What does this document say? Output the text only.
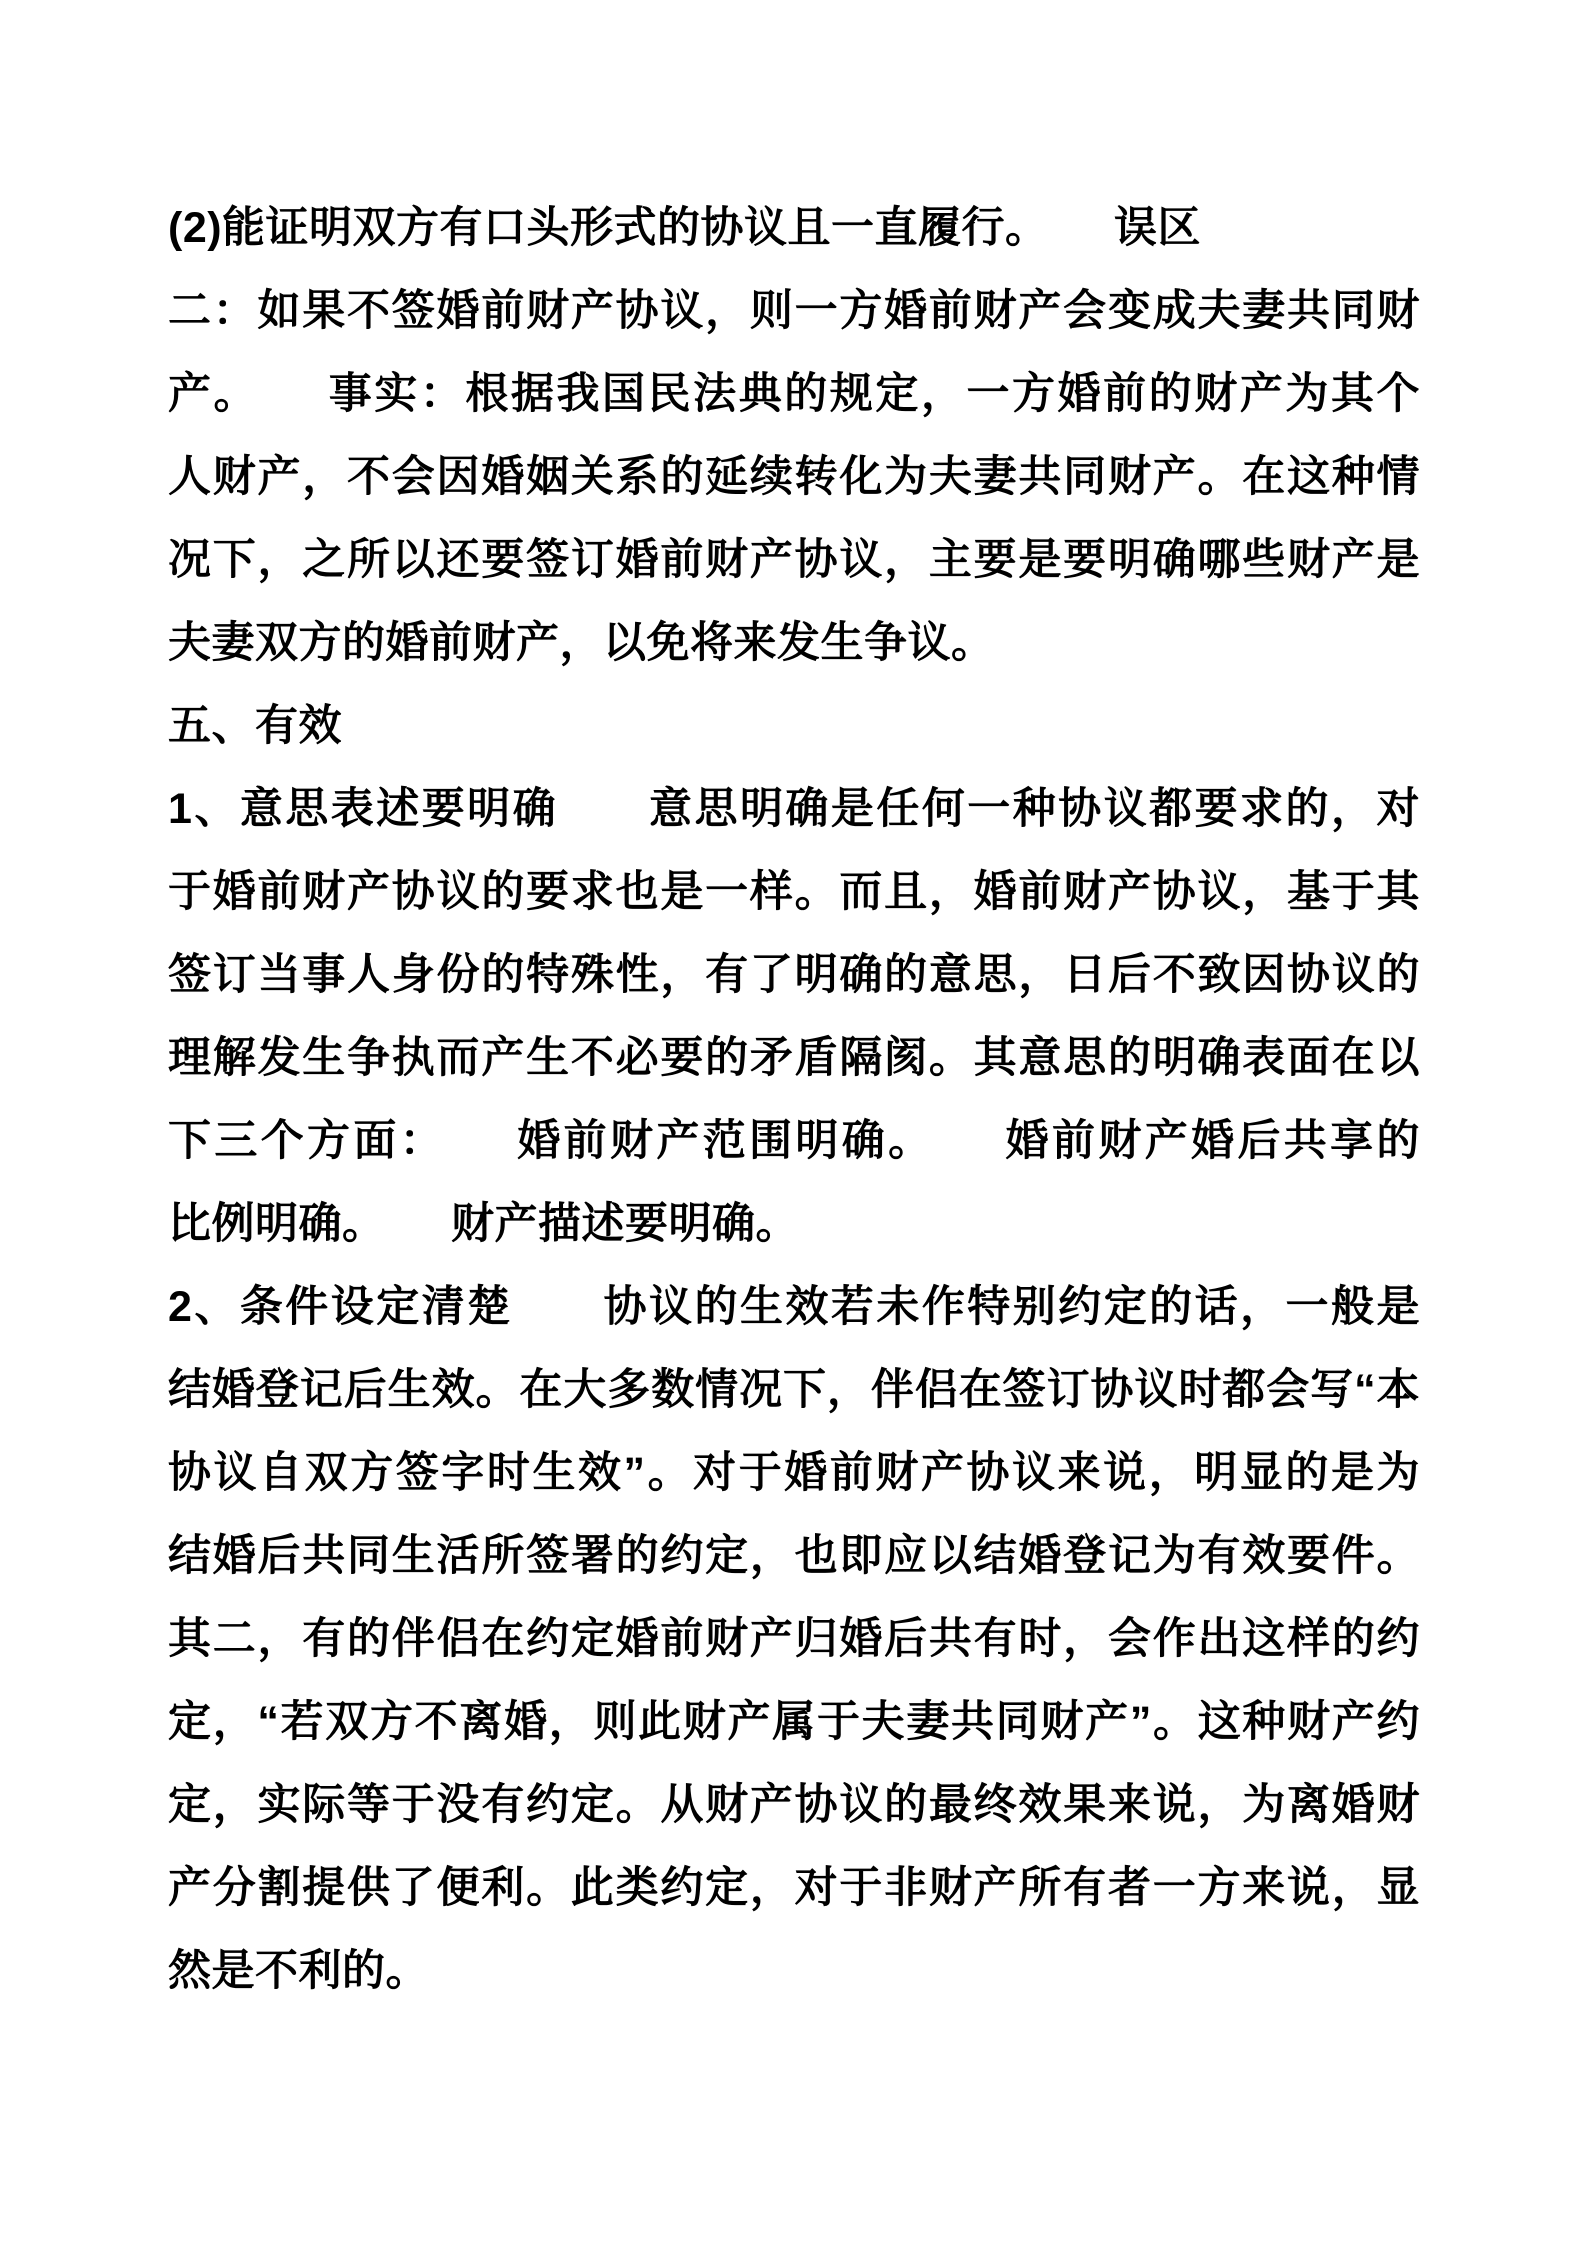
(2)能证明双方有口头形式的协议且一直履行。　　误区
二：如果不签婚前财产协议，则一方婚前财产会变成夫妻共同财
产。　　事实：根据我国民法典的规定，一方婚前的财产为其个
人财产，不会因婚姻关系的延续转化为夫妻共同财产。在这种情
况下，之所以还要签订婚前财产协议，主要是要明确哪些财产是
夫妻双方的婚前财产，以免将来发生争议。
五、有效
1、意思表述要明确　　意思明确是任何一种协议都要求的，对
于婚前财产协议的要求也是一样。而且，婚前财产协议，基于其
签订当事人身份的特殊性，有了明确的意思，日后不致因协议的
理解发生争执而产生不必要的矛盾隔阂。其意思的明确表面在以
下三个方面：　　婚前财产范围明确。　　婚前财产婚后共享的
比例明确。　　财产描述要明确。
2、条件设定清楚　　协议的生效若未作特别约定的话，一般是
结婚登记后生效。在大多数情况下，伴侣在签订协议时都会写“本
协议自双方签字时生效”。对于婚前财产协议来说，明显的是为
结婚后共同生活所签署的约定，也即应以结婚登记为有效要件。
其二，有的伴侣在约定婚前财产归婚后共有时，会作出这样的约
定，“若双方不离婚，则此财产属于夫妻共同财产”。这种财产约
定，实际等于没有约定。从财产协议的最终效果来说，为离婚财
产分割提供了便利。此类约定，对于非财产所有者一方来说，显
然是不利的。
